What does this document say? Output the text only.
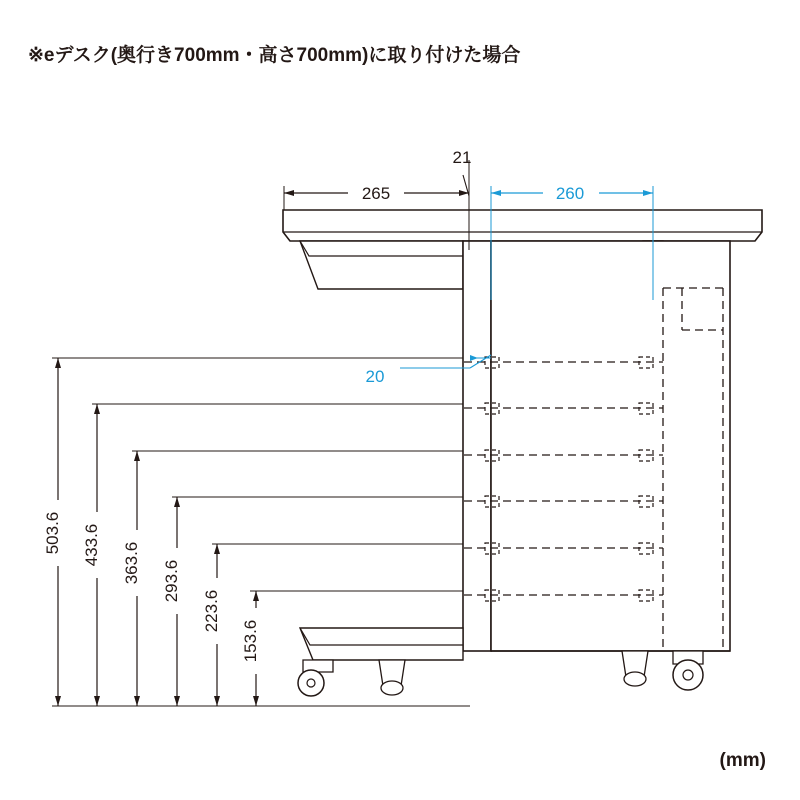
※eデスク(奥行き700mm・高さ700mm)に取り付けた場合
265
21
260
20
503.6 433.6 363.6 293.6
223.6
153.6
(mm)
